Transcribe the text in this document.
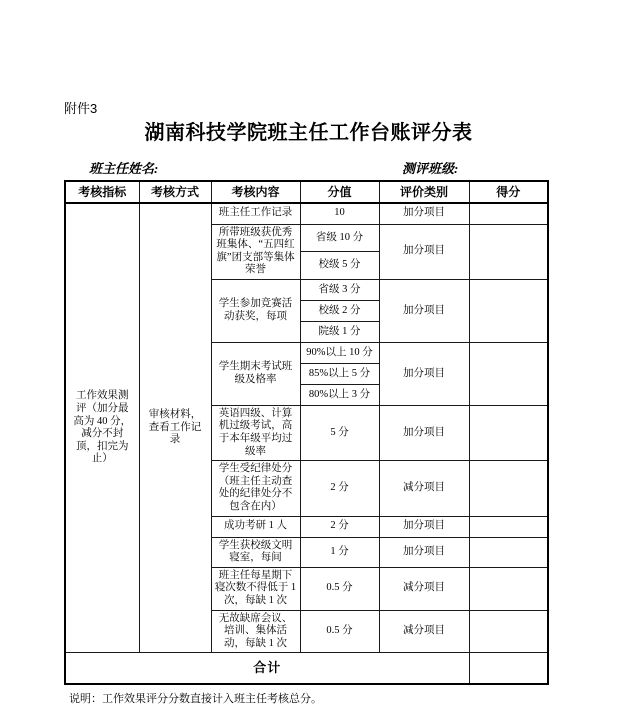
附件3
湖南科技学院班主任工作台账评分表
班主任姓名:	测评班级:
考核指标	考核方式	考核内容	分值	评价类别	得分
工作效果测评（加分最高为 40 分，减分不封顶，扣完为止）	审核材料，查看工作记录	班主任工作记录	10	加分项目	
		所带班级获优秀班集体、“五四红旗”团支部等集体荣誉	省级 10 分	加分项目	
			校级 5 分		
		学生参加竞赛活动获奖，每项	省级 3 分	加分项目	
			校级 2 分		
			院级 1 分		
		学生期末考试班级及格率	90%以上 10 分	加分项目	
			85%以上 5 分		
			80%以上 3 分		
		英语四级、计算机过级考试，高于本年级平均过级率	5 分	加分项目	
		学生受纪律处分（班主任主动查处的纪律处分不包含在内）	2 分	减分项目	
		成功考研 1 人	2 分	加分项目	
		学生获校级文明寝室，每间	1 分	加分项目	
		班主任每星期下寝次数不得低于 1 次，每缺 1 次	0.5 分	减分项目	
		无故缺席会议、培训、集体活动，每缺 1 次	0.5 分	减分项目	
合计					
说明：工作效果评分分数直接计入班主任考核总分。
